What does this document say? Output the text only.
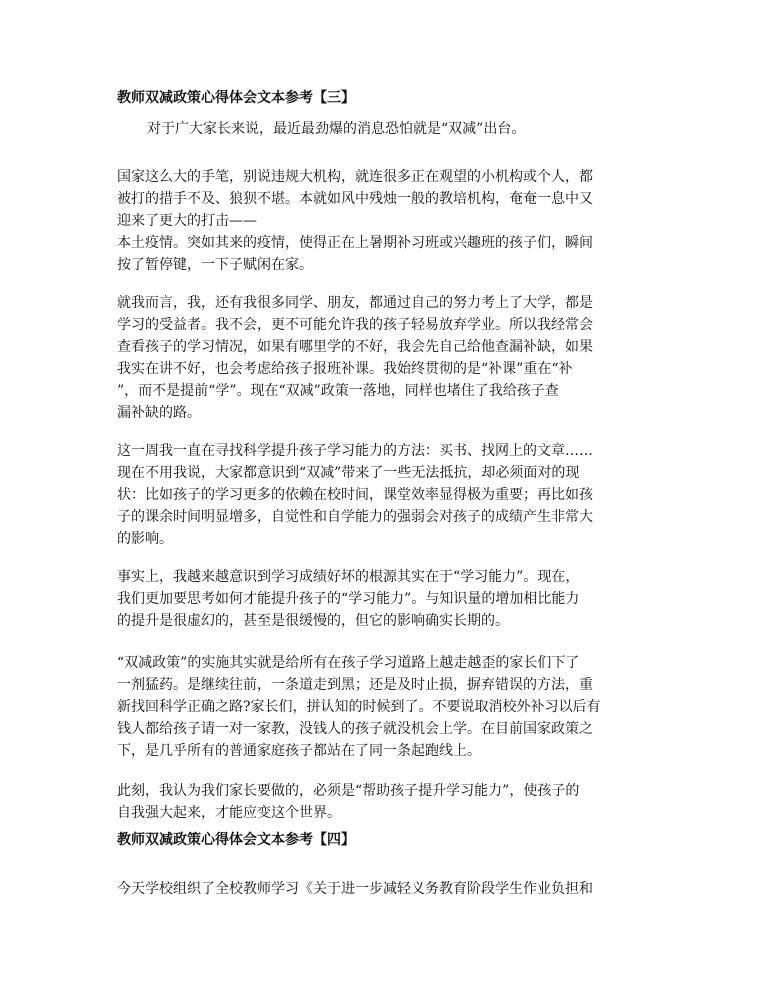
教师双减政策心得体会文本参考【三】
对于广大家长来说，最近最劲爆的消息恐怕就是“双减”出台。
国家这么大的手笔，别说违规大机构，就连很多正在观望的小机构或个人，都
被打的措手不及、狼狈不堪。本就如风中残烛一般的教培机构，奄奄一息中又
迎来了更大的打击——
本土疫情。突如其来的疫情，使得正在上暑期补习班或兴趣班的孩子们，瞬间
按了暂停键，一下子赋闲在家。
就我而言，我，还有我很多同学、朋友，都通过自己的努力考上了大学，都是
学习的受益者。我不会，更不可能允许我的孩子轻易放弃学业。所以我经常会
查看孩子的学习情况，如果有哪里学的不好，我会先自己给他查漏补缺，如果
我实在讲不好，也会考虑给孩子报班补课。我始终贯彻的是“补课”重在“补
”，而不是提前“学”。现在“双减”政策一落地，同样也堵住了我给孩子查
漏补缺的路。
这一周我一直在寻找科学提升孩子学习能力的方法：买书、找网上的文章……
现在不用我说，大家都意识到“双减”带来了一些无法抵抗，却必须面对的现
状：比如孩子的学习更多的依赖在校时间，课堂效率显得极为重要；再比如孩
子的课余时间明显增多，自觉性和自学能力的强弱会对孩子的成绩产生非常大
的影响。
事实上，我越来越意识到学习成绩好坏的根源其实在于“学习能力”。现在，
我们更加要思考如何才能提升孩子的“学习能力”。与知识量的增加相比能力
的提升是很虚幻的，甚至是很缓慢的，但它的影响确实长期的。
“双减政策”的实施其实就是给所有在孩子学习道路上越走越歪的家长们下了
一剂猛药。是继续往前，一条道走到黑；还是及时止损，摒弃错误的方法，重
新找回科学正确之路?家长们，拼认知的时候到了。不要说取消校外补习以后有
钱人都给孩子请一对一家教，没钱人的孩子就没机会上学。在目前国家政策之
下，是几乎所有的普通家庭孩子都站在了同一条起跑线上。
此刻，我认为我们家长要做的，必须是“帮助孩子提升学习能力”，使孩子的
自我强大起来，才能应变这个世界。
教师双减政策心得体会文本参考【四】
今天学校组织了全校教师学习《关于进一步减轻义务教育阶段学生作业负担和
